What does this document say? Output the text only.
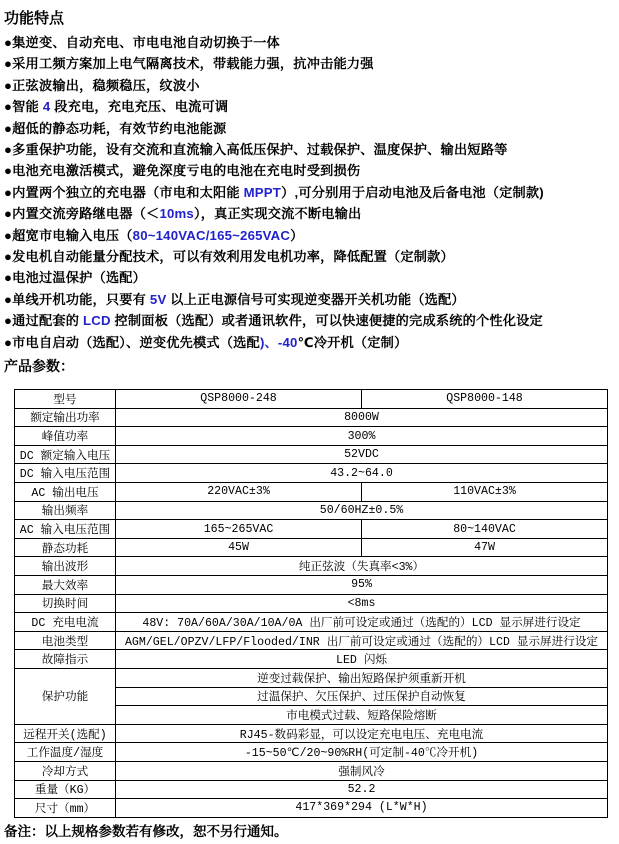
功能特点
●集逆变、自动充电、市电电池自动切换于一体
●采用工频方案加上电气隔离技术，带载能力强，抗冲击能力强
●正弦波输出，稳频稳压，纹波小
●智能 4 段充电，充电充压、电流可调
●超低的静态功耗，有效节约电池能源
●多重保护功能，设有交流和直流输入高低压保护、过载保护、温度保护、输出短路等
●电池充电激活模式，避免深度亏电的电池在充电时受到损伤
●内置两个独立的充电器（市电和太阳能 MPPT）,可分别用于启动电池及后备电池（定制款)
●内置交流旁路继电器（＜10ms），真正实现交流不断电输出
●超宽市电输入电压（80~140VAC/165~265VAC）
●发电机自动能量分配技术，可以有效利用发电机功率，降低配置（定制款）
●电池过温保护（选配）
●单线开机功能，只要有 5V 以上正电源信号可实现逆变器开关机功能（选配）
●通过配套的 LCD 控制面板（选配）或者通讯软件，可以快速便捷的完成系统的个性化设定
●市电自启动（选配）、逆变优先模式（选配)、-40℃冷开机（定制）
产品参数：
型号	QSP8000-248	QSP8000-148
额定输出功率	8000W	
峰值功率	300%	
DC 额定输入电压	52VDC	
DC 输入电压范围	43.2~64.0	
AC 输出电压	220VAC±3%	110VAC±3%
输出频率	50/60HZ±0.5%	
AC 输入电压范围	165~265VAC	80~140VAC
静态功耗	45W	47W
输出波形	纯正弦波（失真率<3%）	
最大效率	95%	
切换时间	<8ms	
DC 充电电流	48V: 70A/60A/30A/10A/0A 出厂前可设定或通过（选配的）LCD 显示屏进行设定	
电池类型	AGM/GEL/OPZV/LFP/Flooded/INR 出厂前可设定或通过（选配的）LCD 显示屏进行设定	
故障指示	LED 闪烁	
保护功能	逆变过载保护、输出短路保护须重新开机	
	过温保护、欠压保护、过压保护自动恢复	
	市电模式过载、短路保险熔断	
远程开关(选配)	RJ45-数码彩显，可以设定充电电压、充电电流	
工作温度/湿度	-15~50℃/20~90%RH(可定制-40℃冷开机)	
冷却方式	强制风冷	
重量（KG）	52.2	
尺寸（mm）	417*369*294 (L*W*H)	
备注：以上规格参数若有修改，恕不另行通知。
